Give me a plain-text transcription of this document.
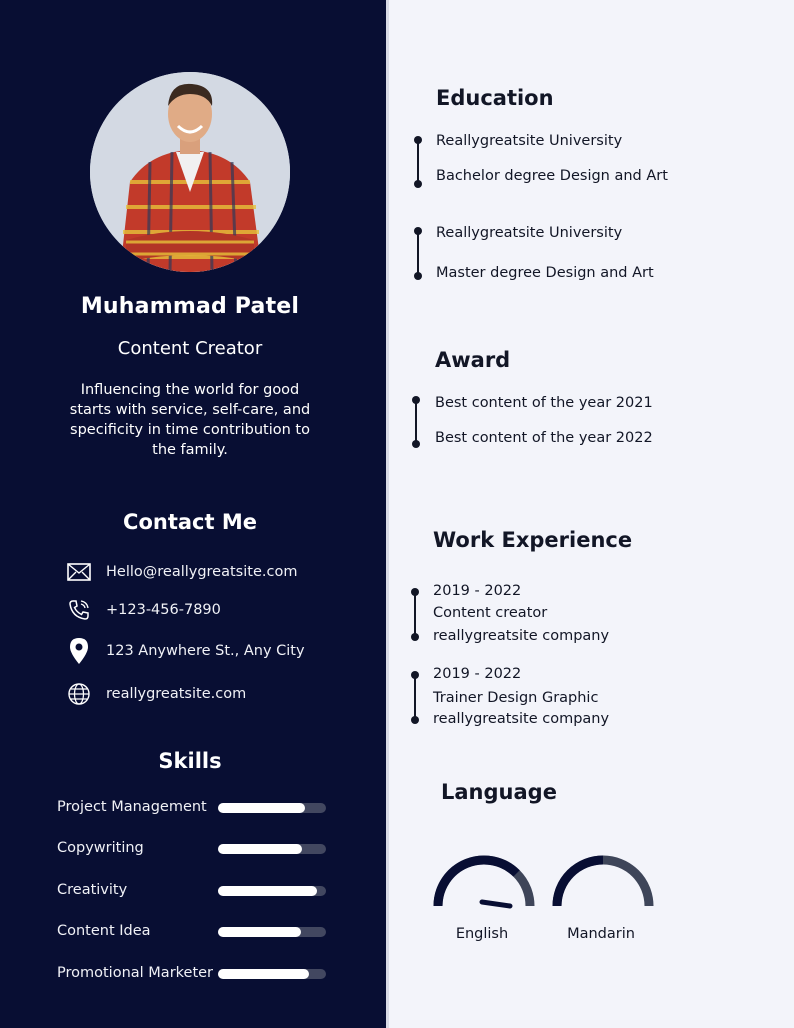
Muhammad Patel
Content Creator
Influencing the world for good starts with service, self-care, and specificity in time contribution to the family.
Contact Me
Hello@reallygreatsite.com
+123-456-7890
123 Anywhere St., Any City
reallygreatsite.com
Skills
Project Management
Copywriting
Creativity
Content Idea
Promotional Marketer
Education
Reallygreatsite University
Bachelor degree Design and Art
Reallygreatsite University
Master degree Design and Art
Award
Best content of the year 2021
Best content of the year 2022
Work Experience
2019 - 2022
Content creator
reallygreatsite company
2019 - 2022
Trainer Design Graphic
reallygreatsite company
Language
English	Mandarin
